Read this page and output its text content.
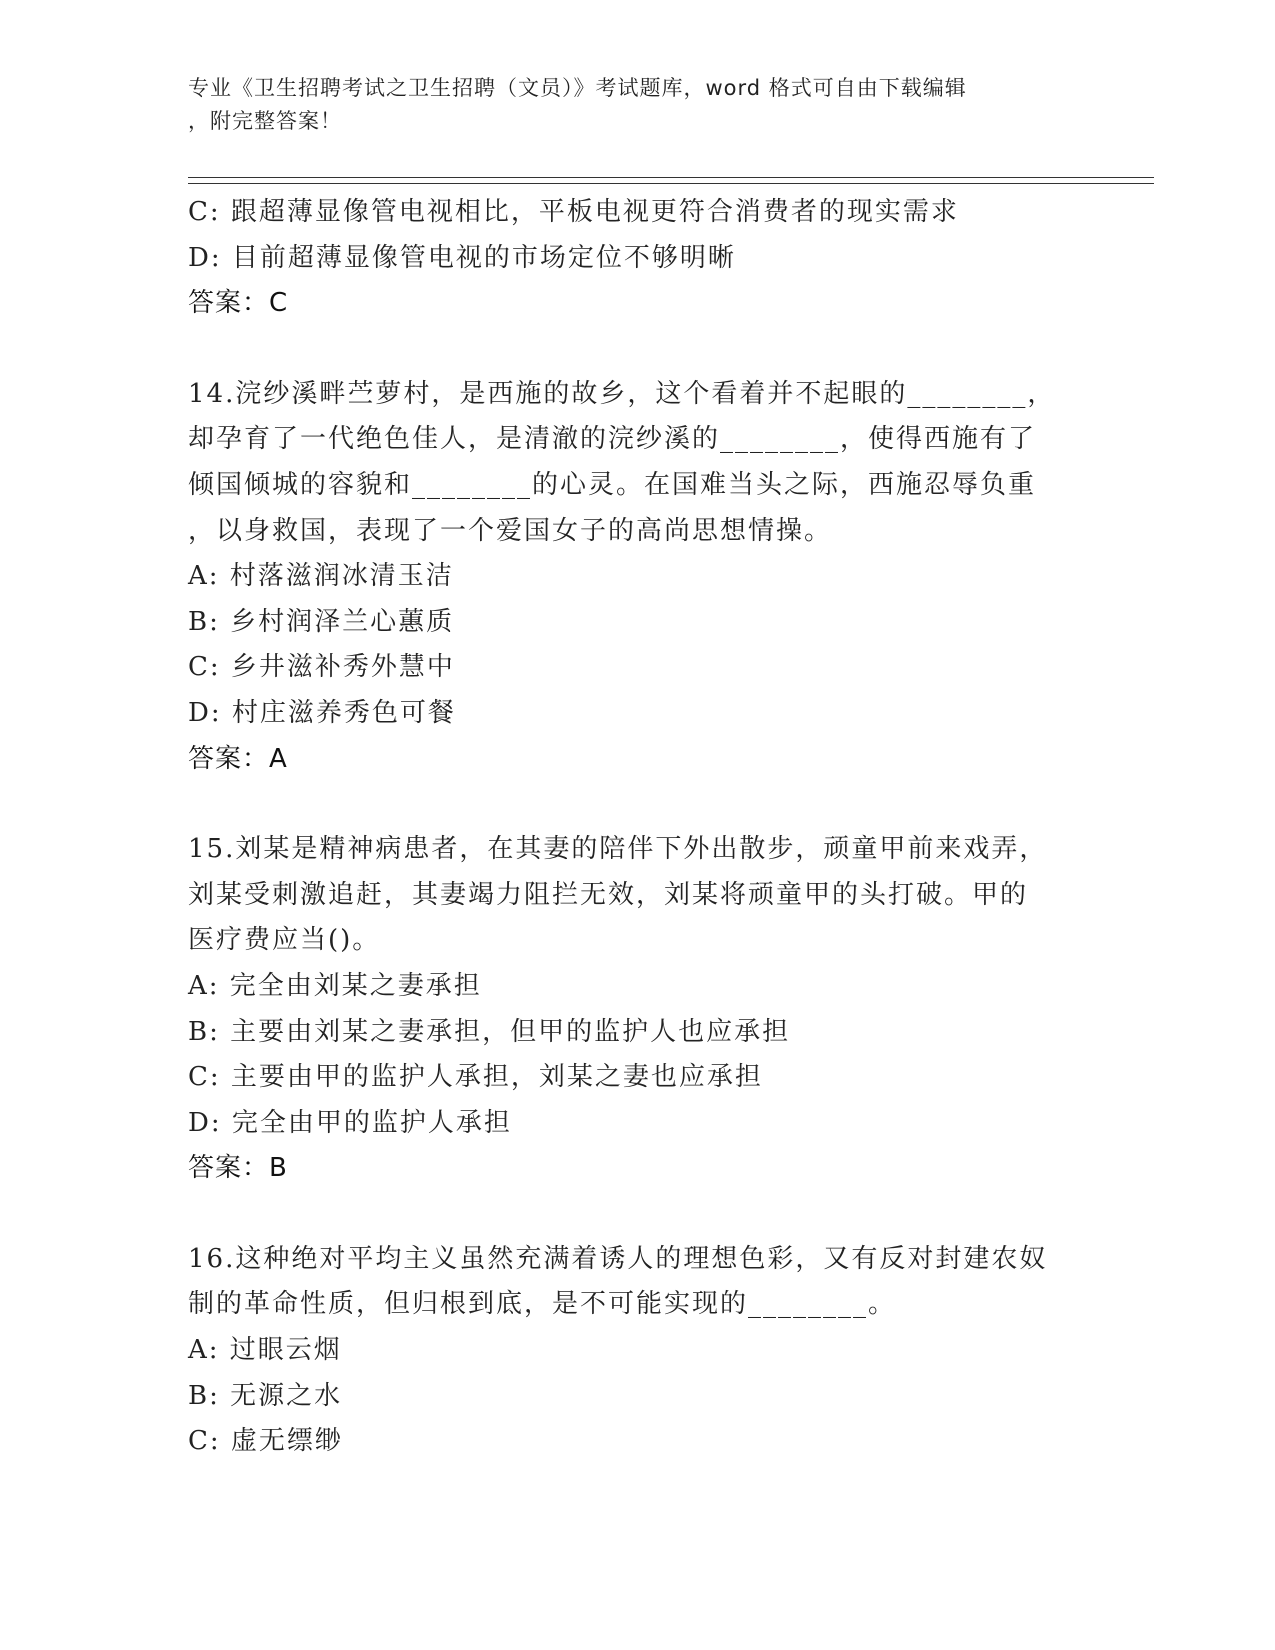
专业《卫生招聘考试之卫生招聘（文员）》考试题库，word 格式可自由下载编辑
，附完整答案！
C: 跟超薄显像管电视相比，平板电视更符合消费者的现实需求
D: 目前超薄显像管电视的市场定位不够明晰
答案：C
14.浣纱溪畔苎萝村，是西施的故乡，这个看着并不起眼的________，
却孕育了一代绝色佳人，是清澈的浣纱溪的________，使得西施有了
倾国倾城的容貌和________的心灵。在国难当头之际，西施忍辱负重
，以身救国，表现了一个爱国女子的高尚思想情操。
A: 村落滋润冰清玉洁
B: 乡村润泽兰心蕙质
C: 乡井滋补秀外慧中
D: 村庄滋养秀色可餐
答案：A
15.刘某是精神病患者，在其妻的陪伴下外出散步，顽童甲前来戏弄，
刘某受刺激追赶，其妻竭力阻拦无效，刘某将顽童甲的头打破。甲的
医疗费应当()。
A: 完全由刘某之妻承担
B: 主要由刘某之妻承担，但甲的监护人也应承担
C: 主要由甲的监护人承担，刘某之妻也应承担
D: 完全由甲的监护人承担
答案：B
16.这种绝对平均主义虽然充满着诱人的理想色彩，又有反对封建农奴
制的革命性质，但归根到底，是不可能实现的________。
A: 过眼云烟
B: 无源之水
C: 虚无缥缈
